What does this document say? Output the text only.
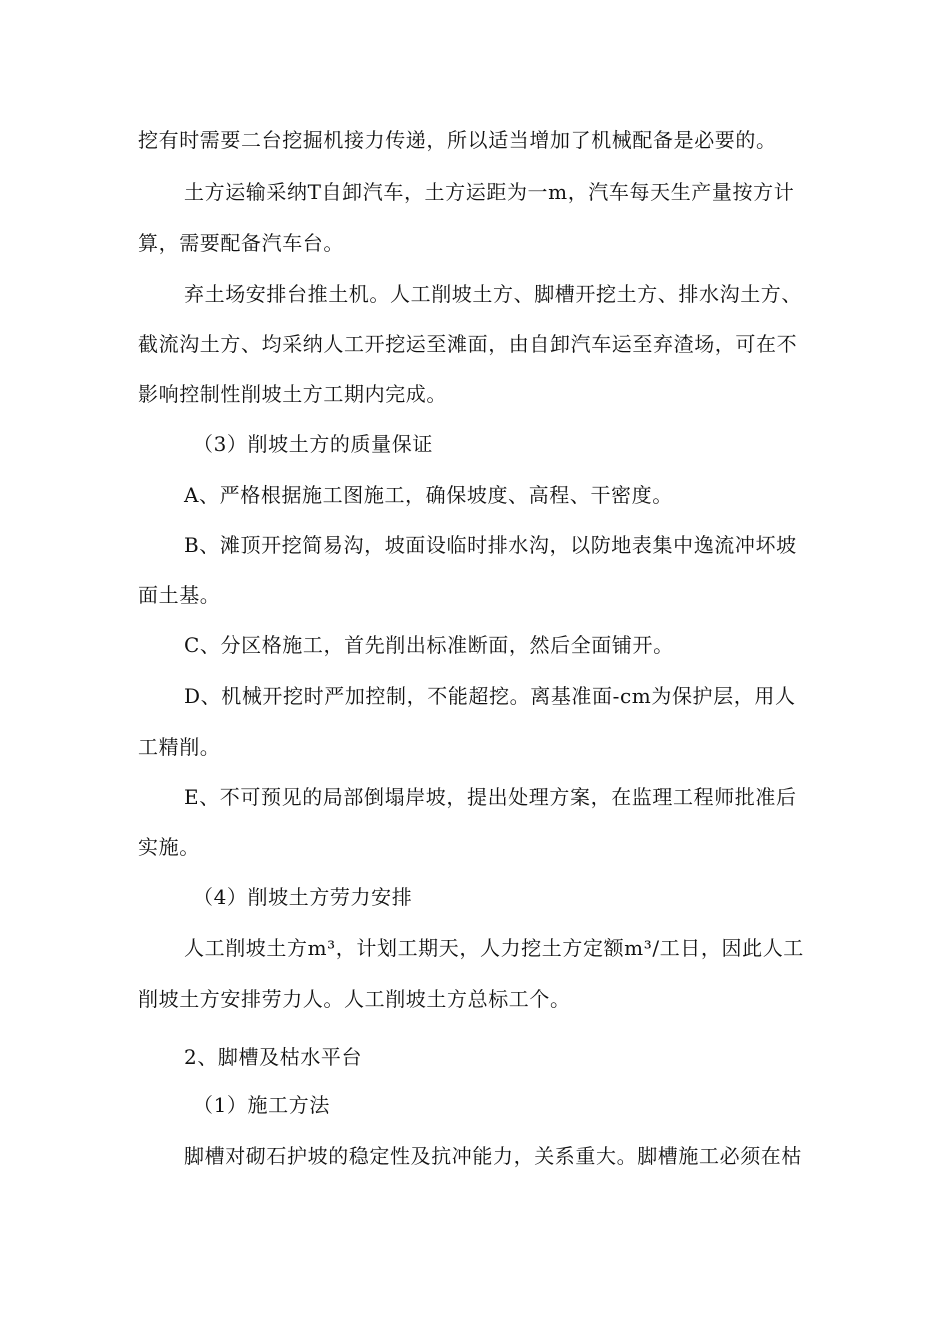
挖有时需要二台挖掘机接力传递，所以适当增加了机械配备是必要的。
土方运输采纳T自卸汽车，土方运距为一m，汽车每天生产量按方计
算，需要配备汽车台。
弃土场安排台推土机。人工削坡土方、脚槽开挖土方、排水沟土方、
截流沟土方、均采纳人工开挖运至滩面，由自卸汽车运至弃渣场，可在不
影响控制性削坡土方工期内完成。
（3）削坡土方的质量保证
A、严格根据施工图施工，确保坡度、高程、干密度。
B、滩顶开挖简易沟，坡面设临时排水沟，以防地表集中逸流冲坏坡
面土基。
C、分区格施工，首先削出标准断面，然后全面铺开。
D、机械开挖时严加控制，不能超挖。离基准面-cm为保护层，用人
工精削。
E、不可预见的局部倒塌岸坡，提出处理方案，在监理工程师批准后
实施。
（4）削坡土方劳力安排
人工削坡土方m³，计划工期天，人力挖土方定额m³/工日，因此人工
削坡土方安排劳力人。人工削坡土方总标工个。
2、脚槽及枯水平台
（1）施工方法
脚槽对砌石护坡的稳定性及抗冲能力，关系重大。脚槽施工必须在枯
